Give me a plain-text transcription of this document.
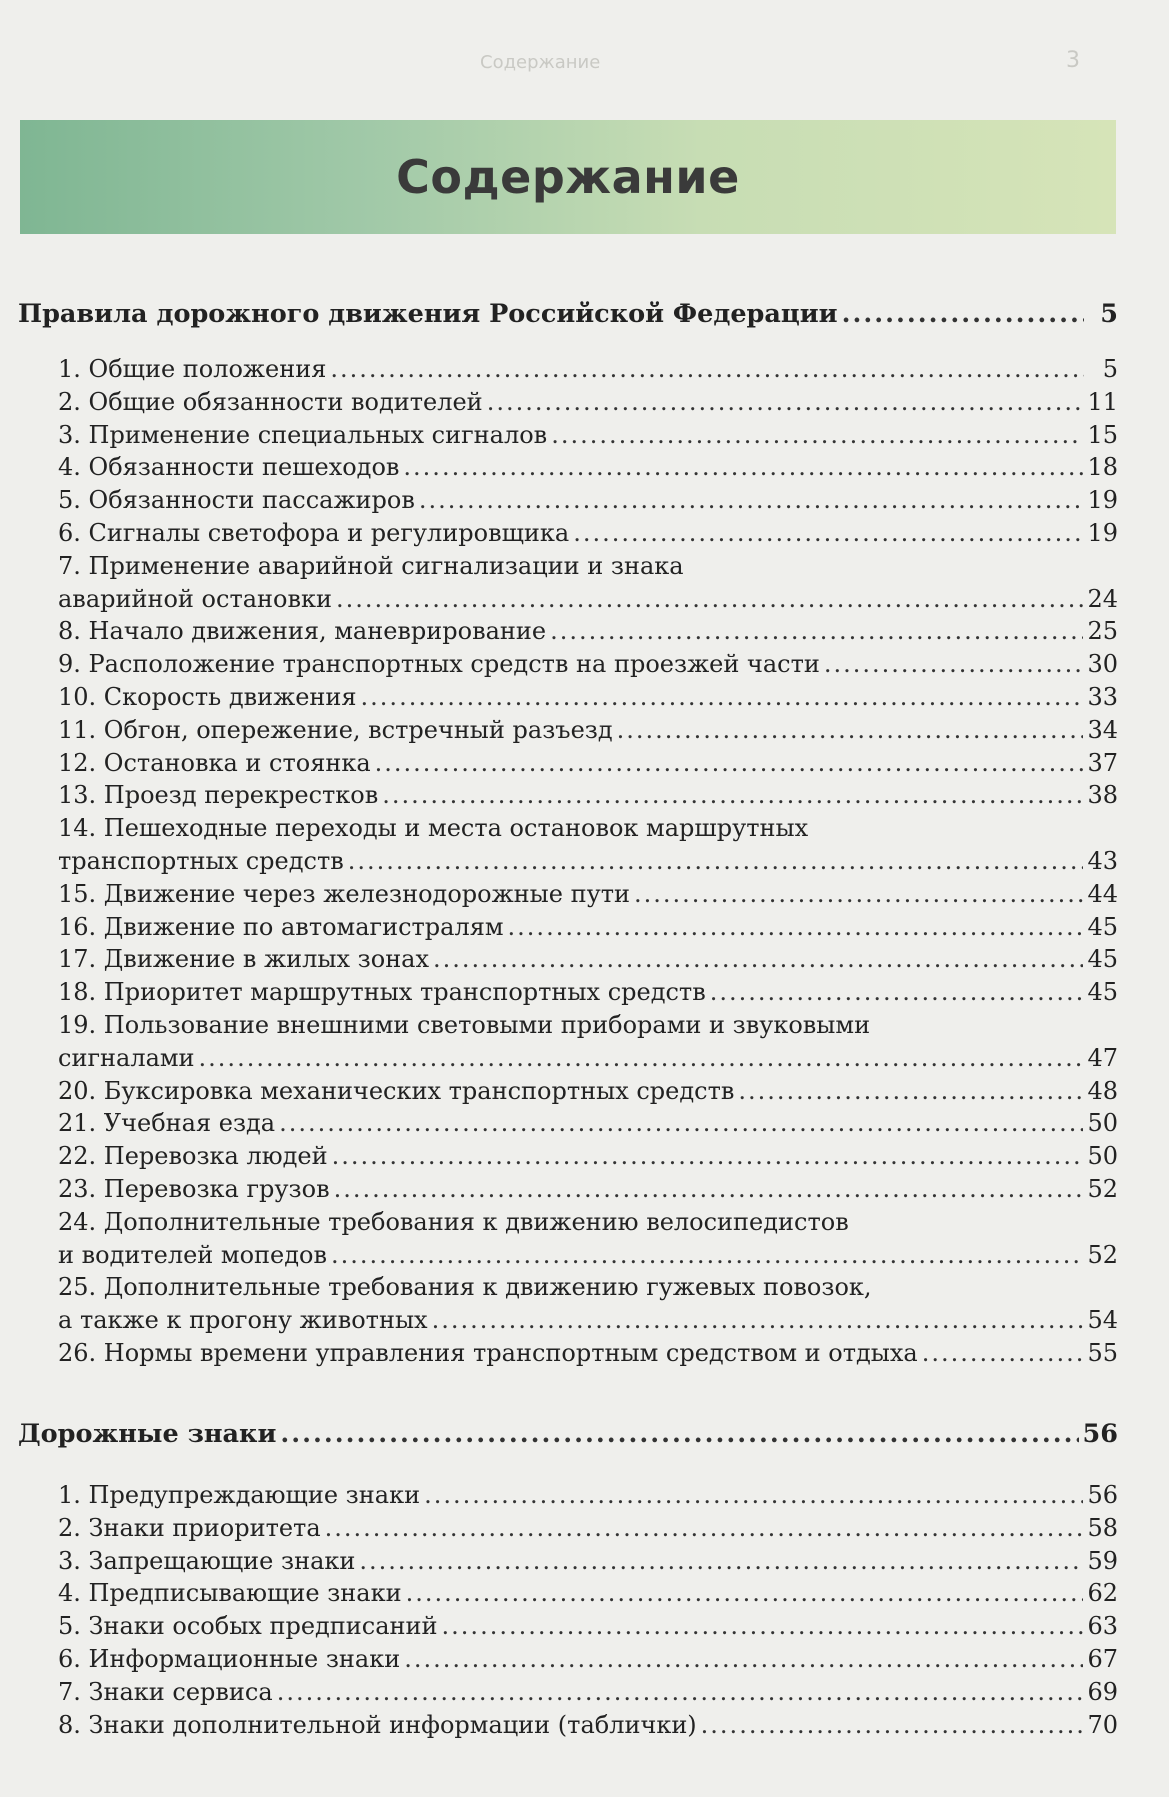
Содержание	3
Содержание
Правила дорожного движения Российской Федерации .....	5
1. Общие положения .....	5
2. Общие обязанности водителей .....	11
3. Применение специальных сигналов .....	15
4. Обязанности пешеходов .....	18
5. Обязанности пассажиров .....	19
6. Сигналы светофора и регулировщика .....	19
7. Применение аварийной сигнализации и знака
аварийной остановки .....	24
8. Начало движения, маневрирование .....	25
9. Расположение транспортных средств на проезжей части .....	30
10. Скорость движения .....	33
11. Обгон, опережение, встречный разъезд .....	34
12. Остановка и стоянка .....	37
13. Проезд перекрестков .....	38
14. Пешеходные переходы и места остановок маршрутных
транспортных средств .....	43
15. Движение через железнодорожные пути .....	44
16. Движение по автомагистралям .....	45
17. Движение в жилых зонах .....	45
18. Приоритет маршрутных транспортных средств .....	45
19. Пользование внешними световыми приборами и звуковыми
сигналами .....	47
20. Буксировка механических транспортных средств .....	48
21. Учебная езда .....	50
22. Перевозка людей .....	50
23. Перевозка грузов .....	52
24. Дополнительные требования к движению велосипедистов
и водителей мопедов .....	52
25. Дополнительные требования к движению гужевых повозок,
а также к прогону животных .....	54
26. Нормы времени управления транспортным средством и отдыха .....	55
Дорожные знаки .....	56
1. Предупреждающие знаки .....	56
2. Знаки приоритета .....	58
3. Запрещающие знаки .....	59
4. Предписывающие знаки .....	62
5. Знаки особых предписаний .....	63
6. Информационные знаки .....	67
7. Знаки сервиса .....	69
8. Знаки дополнительной информации (таблички) .....	70
